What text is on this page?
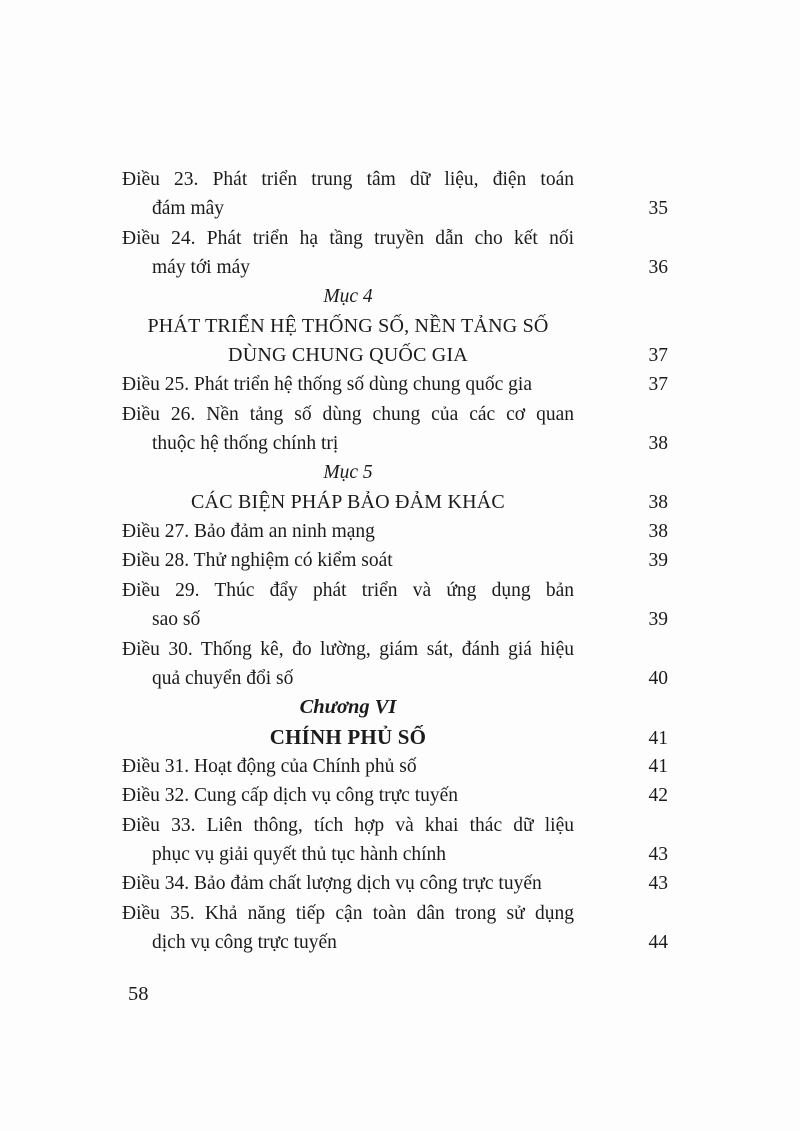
Điều 23. Phát triển trung tâm dữ liệu, điện toán
đám mây	35
Điều 24. Phát triển hạ tầng truyền dẫn cho kết nối
máy tới máy	36
Mục 4
PHÁT TRIỂN HỆ THỐNG SỐ, NỀN TẢNG SỐ
DÙNG CHUNG QUỐC GIA	37
Điều 25. Phát triển hệ thống số dùng chung quốc gia	37
Điều 26. Nền tảng số dùng chung của các cơ quan
thuộc hệ thống chính trị	38
Mục 5
CÁC BIỆN PHÁP BẢO ĐẢM KHÁC	38
Điều 27. Bảo đảm an ninh mạng	38
Điều 28. Thử nghiệm có kiểm soát	39
Điều 29. Thúc đẩy phát triển và ứng dụng bản
sao số	39
Điều 30. Thống kê, đo lường, giám sát, đánh giá hiệu
quả chuyển đổi số	40
Chương VI
CHÍNH PHỦ SỐ	41
Điều 31. Hoạt động của Chính phủ số	41
Điều 32. Cung cấp dịch vụ công trực tuyến	42
Điều 33. Liên thông, tích hợp và khai thác dữ liệu
phục vụ giải quyết thủ tục hành chính	43
Điều 34. Bảo đảm chất lượng dịch vụ công trực tuyến	43
Điều 35. Khả năng tiếp cận toàn dân trong sử dụng
dịch vụ công trực tuyến	44
58
